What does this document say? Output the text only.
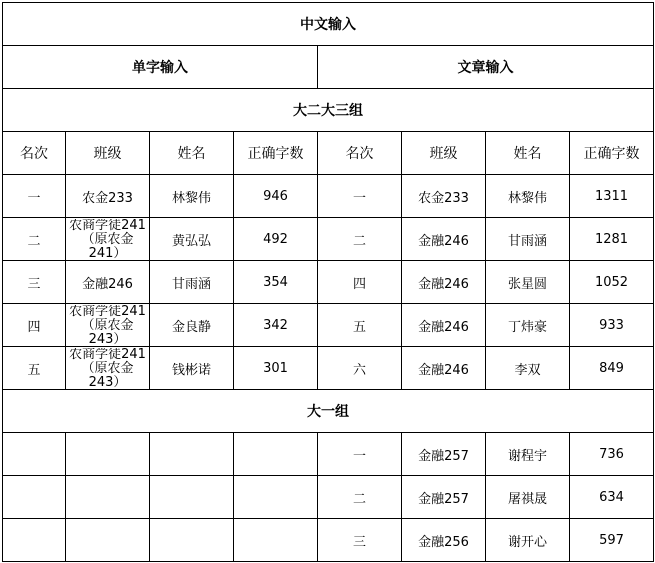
中文输入							
单字输入				文章输入			
大二大三组							
名次	班级	姓名	正确字数	名次	班级	姓名	正确字数
一	农金233	林黎伟	946	一	农金233	林黎伟	1311
二	农商学徒241
（原农金
241）	黄弘弘	492	二	金融246	甘雨涵	1281
三	金融246	甘雨涵	354	四	金融246	张星圆	1052
四	农商学徒241
（原农金243）	金良静	342	五	金融246	丁炜豪	933
五	农商学徒241
（原农金243）	钱彬诺	301	六	金融246	李双	849
大一组							
				一	金融257	谢程宇	736
				二	金融257	屠祺晟	634
				三	金融256	谢开心	597
